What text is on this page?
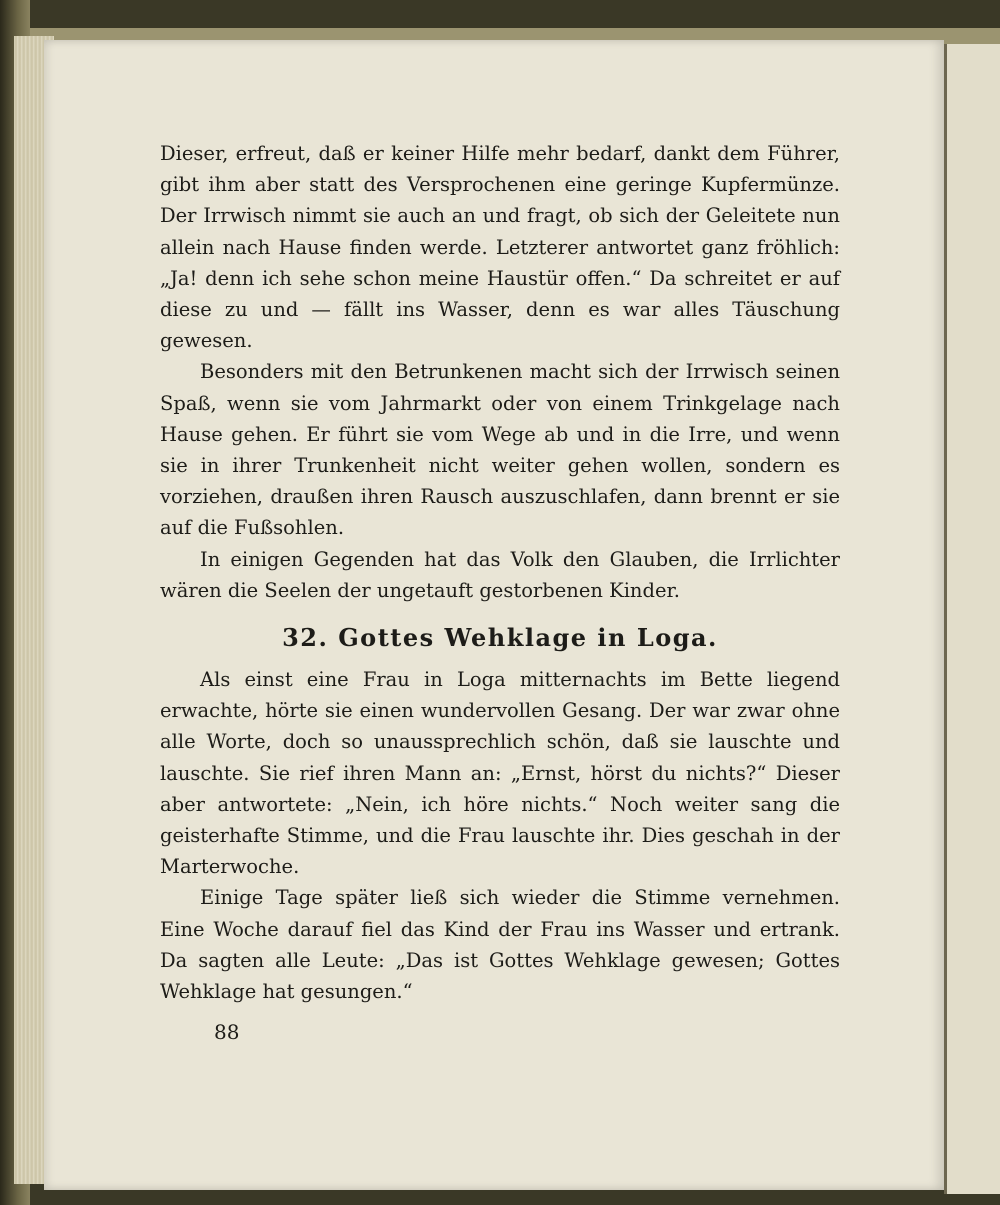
Dieser, erfreut, daß er keiner Hilfe mehr bedarf, dankt dem Führer, gibt ihm aber statt des Versprochenen eine geringe Kupfermünze. Der Irrwisch nimmt sie auch an und fragt, ob sich der Geleitete nun allein nach Hause finden werde. Letzterer antwortet ganz fröhlich: „Ja! denn ich sehe schon meine Haustür offen.“ Da schreitet er auf diese zu und — fällt ins Wasser, denn es war alles Täuschung gewesen.

Besonders mit den Betrunkenen macht sich der Irrwisch seinen Spaß, wenn sie vom Jahrmarkt oder von einem Trinkgelage nach Hause gehen. Er führt sie vom Wege ab und in die Irre, und wenn sie in ihrer Trunkenheit nicht weiter gehen wollen, sondern es vorziehen, draußen ihren Rausch auszuschlafen, dann brennt er sie auf die Fußsohlen.

In einigen Gegenden hat das Volk den Glauben, die Irrlichter wären die Seelen der ungetauft gestorbenen Kinder.

32. Gottes Wehklage in Loga.

Als einst eine Frau in Loga mitternachts im Bette liegend erwachte, hörte sie einen wundervollen Gesang. Der war zwar ohne alle Worte, doch so unaussprechlich schön, daß sie lauschte und lauschte. Sie rief ihren Mann an: „Ernst, hörst du nichts?“ Dieser aber antwortete: „Nein, ich höre nichts.“ Noch weiter sang die geisterhafte Stimme, und die Frau lauschte ihr. Dies geschah in der Marterwoche.

Einige Tage später ließ sich wieder die Stimme vernehmen. Eine Woche darauf fiel das Kind der Frau ins Wasser und ertrank. Da sagten alle Leute: „Das ist Gottes Wehklage gewesen; Gottes Wehklage hat gesungen.“

88
